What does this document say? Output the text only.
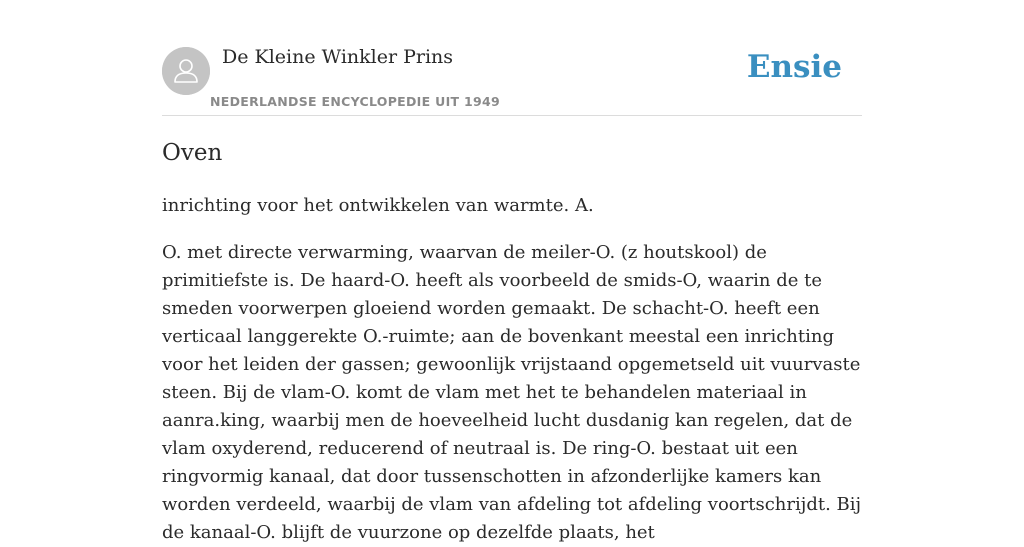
De Kleine Winkler Prins
NEDERLANDSE ENCYCLOPEDIE UIT 1949
Ensie
Oven

inrichting voor het ontwikkelen van warmte. A.

O. met directe verwarming, waarvan de meiler-O. (z houtskool) de primitiefste is. De haard-O. heeft als voorbeeld de smids-O, waarin de te smeden voorwerpen gloeiend worden gemaakt. De schacht-O. heeft een verticaal langgerekte O.-ruimte; aan de bovenkant meestal een inrichting voor het leiden der gassen; gewoonlijk vrijstaand opgemetseld uit vuurvaste steen. Bij de vlam-O. komt de vlam met het te behandelen materiaal in aanra.king, waarbij men de hoeveelheid lucht dusdanig kan regelen, dat de vlam oxyderend, reducerend of neutraal is. De ring-O. bestaat uit een ringvormig kanaal, dat door tussenschotten in afzonderlijke kamers kan worden verdeeld, waarbij de vlam van afdeling tot afdeling voortschrijdt. Bij de kanaal-O. blijft de vuurzone op dezelfde plaats, het
